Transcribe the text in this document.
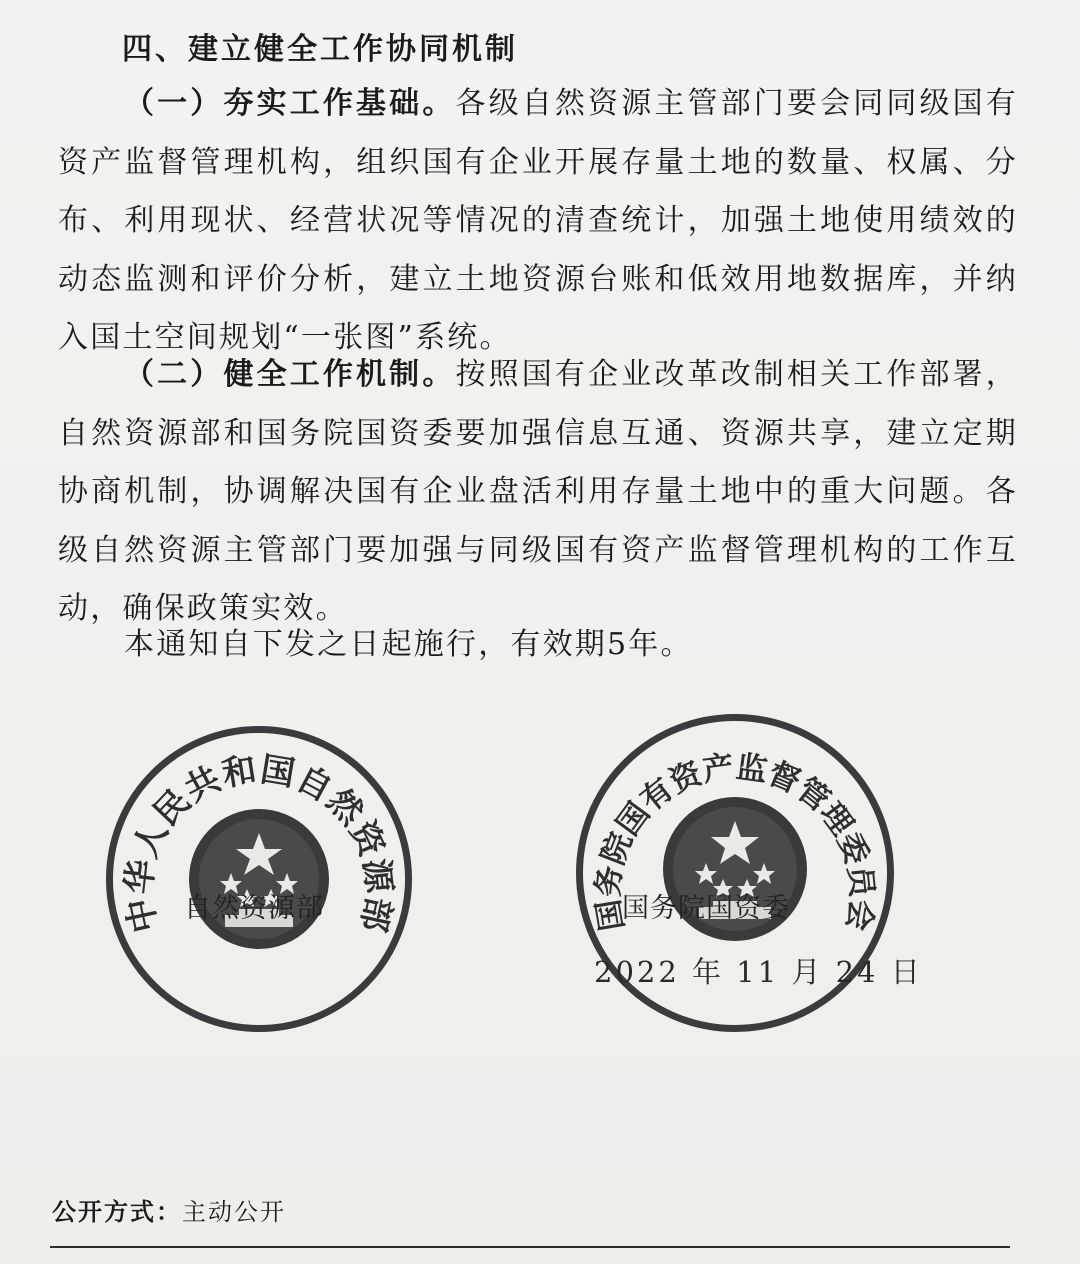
四、建立健全工作协同机制

（一）夯实工作基础。各级自然资源主管部门要会同同级国有资产监督管理机构，组织国有企业开展存量土地的数量、权属、分布、利用现状、经营状况等情况的清查统计，加强土地使用绩效的动态监测和评价分析，建立土地资源台账和低效用地数据库，并纳入国土空间规划“一张图”系统。

（二）健全工作机制。按照国有企业改革改制相关工作部署，自然资源部和国务院国资委要加强信息互通、资源共享，建立定期协商机制，协调解决国有企业盘活利用存量土地中的重大问题。各级自然资源主管部门要加强与同级国有资产监督管理机构的工作互动，确保政策实效。

本通知自下发之日起施行，有效期5年。

中华人民共和国自然资源部	国务院国有资产监督管理委员会
自然资源部	国务院国资委
2022 年 11 月 24 日
公开方式：主动公开
